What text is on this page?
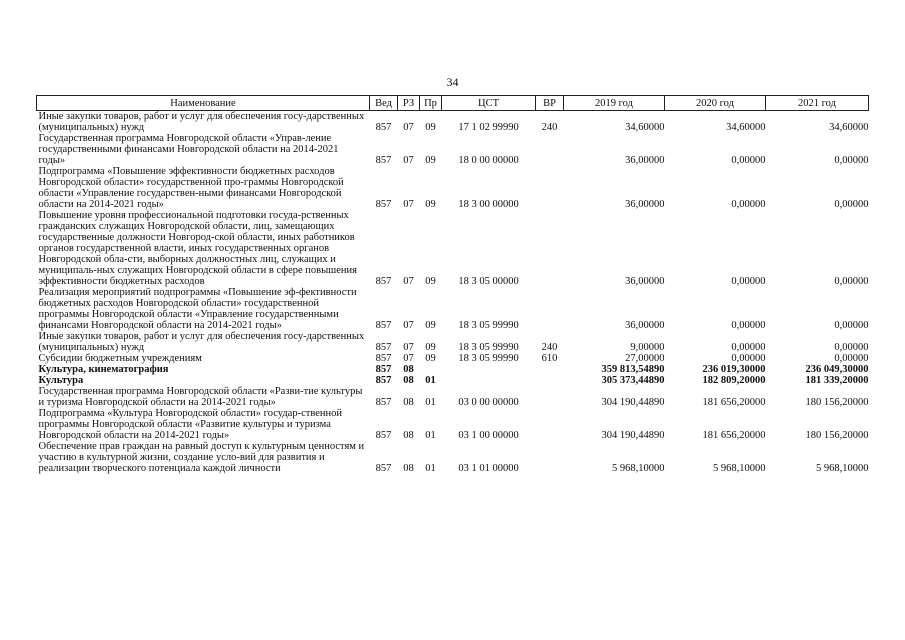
34
Наименование	Вед	РЗ	Пр	ЦСТ	ВР	2019 год	2020 год	2021 год
Иные закупки товаров, работ и услуг для обеспечения госу-дарственных (муниципальных) нужд	857	07	09	17 1 02 99990	240	34,60000	34,60000	34,60000
Государственная программа Новгородской области «Управ-ление государственными финансами Новгородской области на 2014-2021 годы»	857	07	09	18 0 00 00000		36,00000	0,00000	0,00000
Подпрограмма «Повышение эффективности бюджетных расходов Новгородской области» государственной про-граммы Новгородской области «Управление государствен-ными финансами Новгородской области на 2014-2021 годы»	857	07	09	18 3 00 00000		36,00000	0,00000	0,00000
Повышение уровня профессиональной подготовки госуда-рственных гражданских служащих Новгородской области, лиц, замещающих государственные должности Новгород-ской области, иных работников органов государственной власти, иных государственных органов Новгородской обла-сти, выборных должностных лиц, служащих и муниципаль-ных служащих Новгородской области в сфере повышения эффективности бюджетных расходов	857	07	09	18 3 05 00000		36,00000	0,00000	0,00000
Реализация мероприятий подпрограммы «Повышение эф-фективности бюджетных расходов Новгородской области» государственной программы Новгородской области «Управление государственными финансами Новгородской области на 2014-2021 годы»	857	07	09	18 3 05 99990		36,00000	0,00000	0,00000
Иные закупки товаров, работ и услуг для обеспечения госу-дарственных (муниципальных) нужд	857	07	09	18 3 05 99990	240	9,00000	0,00000	0,00000
Субсидии бюджетным учреждениям	857	07	09	18 3 05 99990	610	27,00000	0,00000	0,00000
Культура, кинематография	857	08				359 813,54890	236 019,30000	236 049,30000
Культура	857	08	01			305 373,44890	182 809,20000	181 339,20000
Государственная программа Новгородской области «Разви-тие культуры и туризма Новгородской области на 2014-2021 годы»	857	08	01	03 0 00 00000		304 190,44890	181 656,20000	180 156,20000
Подпрограмма «Культура Новгородской области» государ-ственной программы Новгородской области «Развитие культуры и туризма Новгородской области на 2014-2021 годы»	857	08	01	03 1 00 00000		304 190,44890	181 656,20000	180 156,20000
Обеспечение прав граждан на равный доступ к культурным ценностям и участию в культурной жизни, создание усло-вий для развития и реализации творческого потенциала каждой личности	857	08	01	03 1 01 00000		5 968,10000	5 968,10000	5 968,10000
